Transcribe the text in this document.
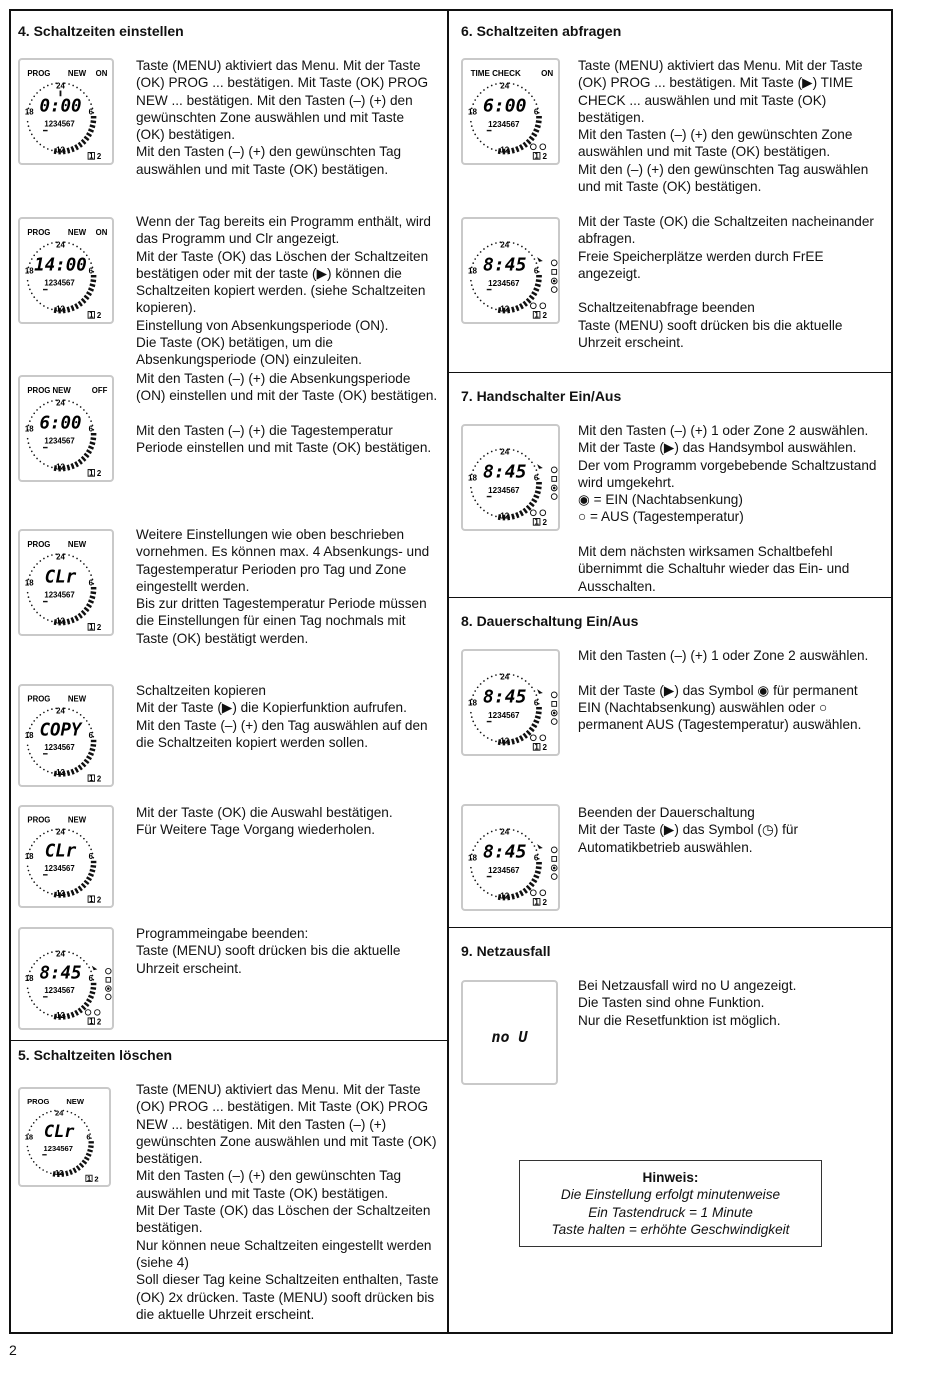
4. Schaltzeiten einstellen
Taste (MENU) aktiviert das Menu. Mit der Taste (OK) PROG ... bestätigen. Mit Taste (OK) PROG NEW ... bestätigen. Mit den Tasten (–) (+) den gewünschten Zone auswählen und mit Taste (OK) bestätigen.
Mit den Tasten (–) (+) den gewünschten Tag auswählen und mit Taste (OK) bestätigen.
Wenn der Tag bereits ein Programm enthält, wird das Programm und Clr angezeigt.
Mit der Taste (OK) das Löschen der Schaltzeiten bestätigen oder mit der taste (▶) können die Schaltzeiten kopiert werden. (siehe Schaltzeiten kopieren).
Einstellung von Absenkungsperiode (ON).
Die Taste (OK) betätigen, um die Absenkungsperiode (ON) einzuleiten.
Mit den Tasten (–) (+) die Absenkungsperiode (ON) einstellen und mit der Taste (OK) bestätigen.

Mit den Tasten (–) (+) die Tagestemperatur Periode einstellen und mit Taste (OK) bestätigen.
Weitere Einstellungen wie oben beschrieben vornehmen. Es können max. 4 Absenkungs- und Tagestemperatur Perioden pro Tag und Zone eingestellt werden.
Bis zur dritten Tagestemperatur Periode müssen die Einstellungen für einen Tag nochmals mit Taste (OK) bestätigt werden.
Schaltzeiten kopieren
Mit der Taste (▶) die Kopierfunktion aufrufen.
Mit den Taste (–) (+) den Tag auswählen auf den die Schaltzeiten kopiert werden sollen.
Mit der Taste (OK) die Auswahl bestätigen.
Für Weitere Tage Vorgang wiederholen.
Programmeingabe beenden:
Taste (MENU) sooft drücken bis die aktuelle Uhrzeit erscheint.
PROG NEW ON
24
18	6
12
0:00
1234567
1 2
PROG NEW ON
24
18	6
12
14:00
1234567
1 2
PROG NEW OFF
24
18	6
12
6:00
1234567
1 2
PROG NEW
24
18	6
12
CLr
1234567
1 2
PROG NEW
24
18	6
12
COPY
1234567
1 2
PROG NEW
24
18	6
12
CLr
1234567
1 2
24
18	6
12
8:45
1234567
1 2
5. Schaltzeiten löschen
Taste (MENU) aktiviert das Menu. Mit der Taste (OK) PROG ... bestätigen. Mit Taste (OK) PROG NEW ... bestätigen. Mit den Tasten (–) (+) gewünschten Zone auswählen und mit Taste (OK) bestätigen.
Mit den Tasten (–) (+) den gewünschten Tag auswählen und mit Taste (OK) bestätigen.
Mit Der Taste (OK) das Löschen der Schaltzeiten bestätigen.
Nur können neue Schaltzeiten eingestellt werden (siehe 4)
Soll dieser Tag keine Schaltzeiten enthalten, Taste (OK) 2x drücken. Taste (MENU) sooft drücken bis die aktuelle Uhrzeit erscheint.
PROG NEW
24
18	6
12
CLr
1234567
1 2
6. Schaltzeiten abfragen
Taste (MENU) aktiviert das Menu. Mit der Taste (OK) PROG ... bestätigen. Mit Taste (▶) TIME CHECK ... auswählen und mit Taste (OK) bestätigen.
Mit den Tasten (–) (+) den gewünschten Zone auswählen und mit Taste (OK) bestätigen.
Mit den (–) (+) den gewünschten Tag auswählen und mit Taste (OK) bestätigen.
Mit der Taste (OK) die Schaltzeiten nacheinander abfragen.
Freie Speicherplätze werden durch FrEE angezeigt.

Schaltzeitenabfrage beenden
Taste (MENU) sooft drücken bis die aktuelle Uhrzeit erscheint.
TIME CHECK ON
24
18	6
12
6:00
1234567
1 2
24
18	6
12
8:45
1234567
1 2
7. Handschalter Ein/Aus
Mit den Tasten (–) (+) 1 oder Zone 2 auswählen.
Mit der Taste (▶) das Handsymbol auswählen.
Der vom Programm vorgebebende Schaltzustand wird umgekehrt.
◉ = EIN (Nachtabsenkung)
○ = AUS (Tagestemperatur)

Mit dem nächsten wirksamen Schaltbefehl übernimmt die Schaltuhr wieder das Ein- und Ausschalten.
24
18	6
12
8:45
1234567
1 2
8. Dauerschaltung Ein/Aus
Mit den Tasten (–) (+) 1 oder Zone 2 auswählen.

Mit der Taste (▶) das Symbol ◉ für permanent EIN (Nachtabsenkung) auswählen oder ○ permanent AUS (Tagestemperatur) auswählen.
Beenden der Dauerschaltung
Mit der Taste (▶) das Symbol (◷) für Automatikbetrieb auswählen.
24
18	6
12
8:45
1234567
1 2
24
18	6
12
8:45
1234567
1 2
9. Netzausfall
Bei Netzausfall wird no U angezeigt.
Die Tasten sind ohne Funktion.
Nur die Resetfunktion ist möglich.
no U
Hinweis:
Die Einstellung erfolgt minutenweise
Ein Tastendruck = 1 Minute
Taste halten = erhöhte Geschwindigkeit
2
